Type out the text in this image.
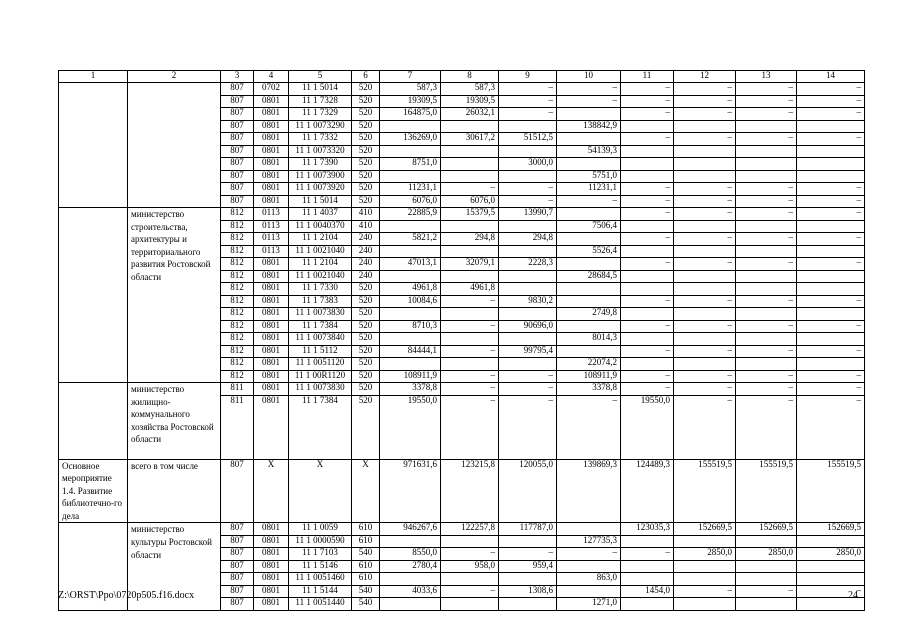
1	2	3	4	5	6	7	8	9	10	11	12	13	14
		807	0702	11 1 5014	520	587,3	587,3	–	–	–	–	–	–
		807	0801	11 1 7328	520	19309,5	19309,5	–	–	–	–	–	–
		807	0801	11 1 7329	520	164875,0	26032,1	–		–	–	–	–
		807	0801	11 1 0073290	520				138842,9				
		807	0801	11 1 7332	520	136269,0	30617,2	51512,5		–	–	–	–
		807	0801	11 1 0073320	520				54139,3				
		807	0801	11 1 7390	520	8751,0		3000,0					
		807	0801	11 1 0073900	520				5751,0				
		807	0801	11 1 0073920	520	11231,1	–	–	11231,1	–	–	–	–
		807	0801	11 1 5014	520	6076,0	6076,0	–	–	–	–	–	–
	министерство строительства, архитектуры и территориального развития Ростовской области	812	0113	11 1 4037	410	22885,9	15379,5	13990,7		–	–	–	–
		812	0113	11 1 0040370	410				7506,4				
		812	0113	11 1 2104	240	5821,2	294,8	294,8		–	–	–	–
		812	0113	11 1 0021040	240				5526,4				
		812	0801	11 1 2104	240	47013,1	32079,1	2228,3		–	–	–	–
		812	0801	11 1 0021040	240				28684,5				
		812	0801	11 1 7330	520	4961,8	4961,8						
		812	0801	11 1 7383	520	10084,6	–	9830,2		–	–	–	–
		812	0801	11 1 0073830	520				2749,8				
		812	0801	11 1 7384	520	8710,3	–	90696,0		–	–	–	–
		812	0801	11 1 0073840	520				8014,3				
		812	0801	11 1 5112	520	84444,1	–	99795,4		–	–	–	–
		812	0801	11 1 0051120	520				22074,2				
		812	0801	11 1 00R1120	520	108911,9	–	–	108911,9	–	–	–	–
	министерство жилищно-коммунального хозяйства Ростовской области	811	0801	11 1 0073830	520	3378,8	–	–	3378,8	–	–	–	–
		811	0801	11 1 7384	520	19550,0	–	–	–	19550,0	–	–	–
Основное мероприятие 1.4. Развитие библиотечно-го дела	всего в том числе	807	X	X	X	971631,6	123215,8	120055,0	139869,3	124489,3	155519,5	155519,5	155519,5
	министерство культуры Ростовской области	807	0801	11 1 0059	610	946267,6	122257,8	117787,0		123035,3	152669,5	152669,5	152669,5
		807	0801	11 1 0000590	610				127735,3				
		807	0801	11 1 7103	540	8550,0	–	–	–	–	2850,0	2850,0	2850,0
		807	0801	11 1 5146	610	2780,4	958,0	959,4					
		807	0801	11 1 0051460	610				863,0				
		807	0801	11 1 5144	540	4033,6	–	1308,6		1454,0	–	–	–
		807	0801	11 1 0051440	540				1271,0				
Z:\ORST\Ppo\0720p505.f16.docx	24
